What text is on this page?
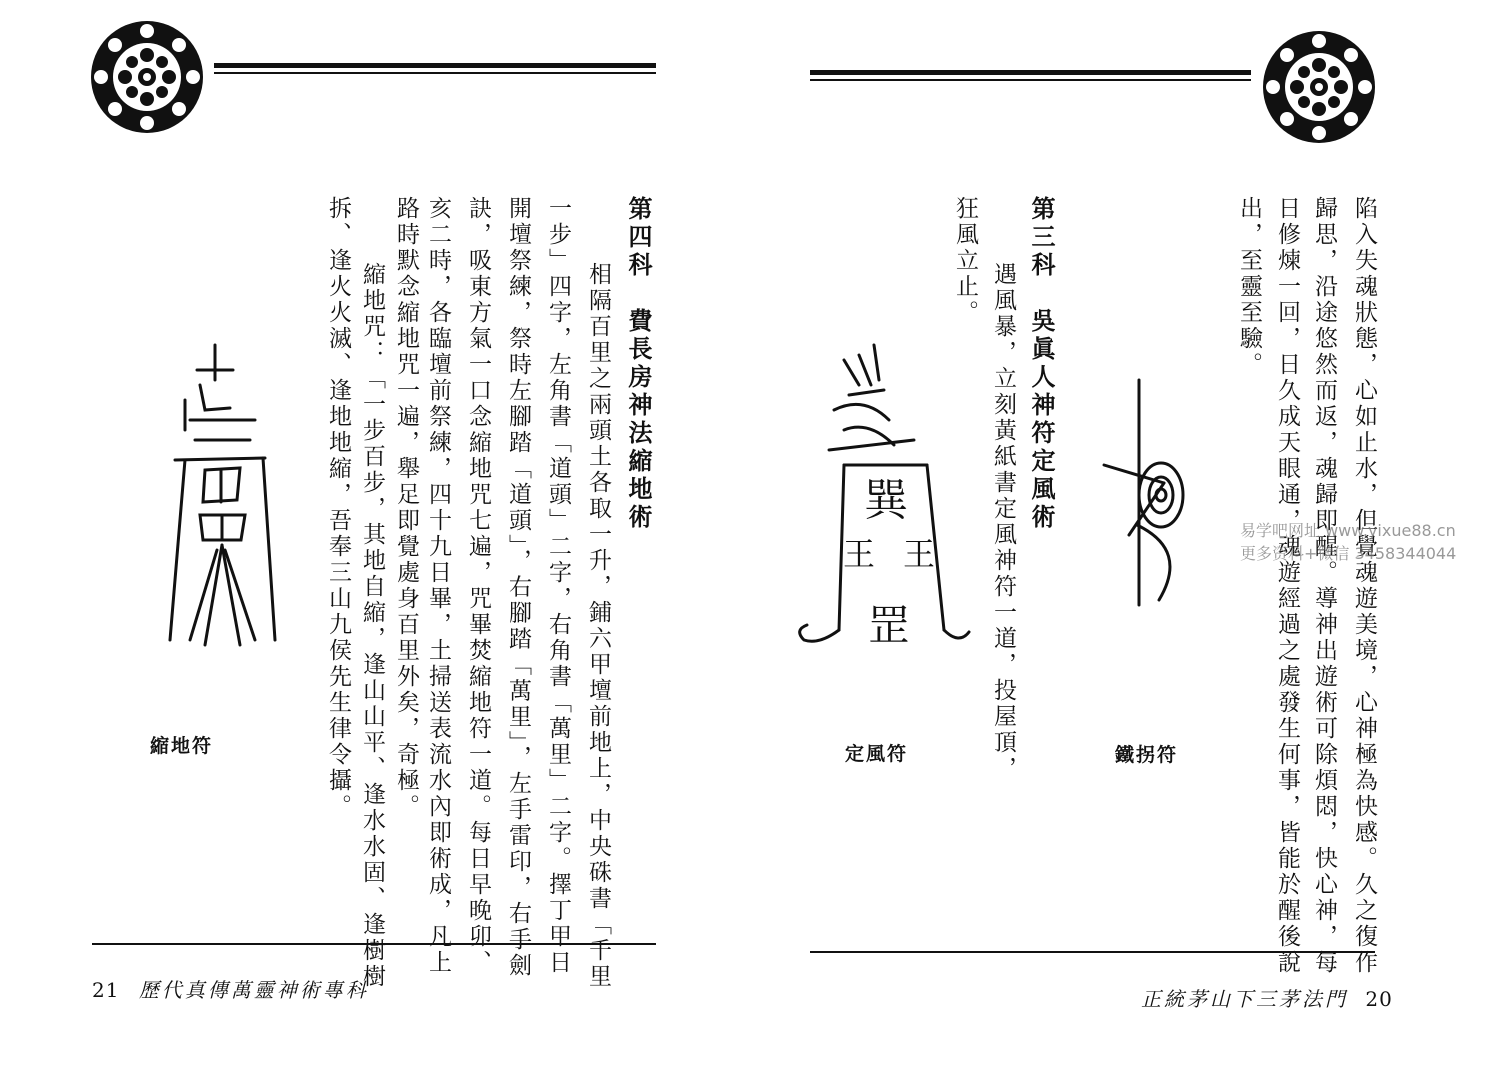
第四科　費長房神法縮地術
　相隔百里之兩頭土各取一升，鋪六甲壇前地上，中央硃書「千里
一步」四字，左角書「道頭」二字，右角書「萬里」二字。擇丁甲日
開壇祭練，祭時左腳踏「道頭」，右腳踏「萬里」，左手雷印，右手劍
訣，吸東方氣一口念縮地咒七遍，咒畢焚縮地符一道。每日早晚卯、
亥二時，各臨壇前祭練，四十九日畢，土掃送表流水內即術成，凡上
路時默念縮地咒一遍，舉足即覺處身百里外矣，奇極。
　縮地咒：「一步百步，其地自縮，逢山山平、逢水水固、逢樹樹
拆、逢火火滅、逢地地縮，吾奉三山九侯先生律令攝。
縮地符
21 歷代真傳萬靈神術專科
陷入失魂狀態，心如止水，但覺魂遊美境，心神極為快感。久之復作
歸思，沿途悠然而返，魂歸即醒。導神出遊術可除煩悶，快心神，每
日修煉一回，日久成天眼通，魂遊經過之處發生何事，皆能於醒後說
出，至靈至驗。
第三科　吳眞人神符定風術
　遇風暴，立刻黃紙書定風神符一道，投屋頂，
狂風立止。
鐵拐符
巽
王 王
罡
定風符
正統茅山下三茅法門 20
易学吧网址 www.yixue88.cn
更多资料+微信 3458344044
